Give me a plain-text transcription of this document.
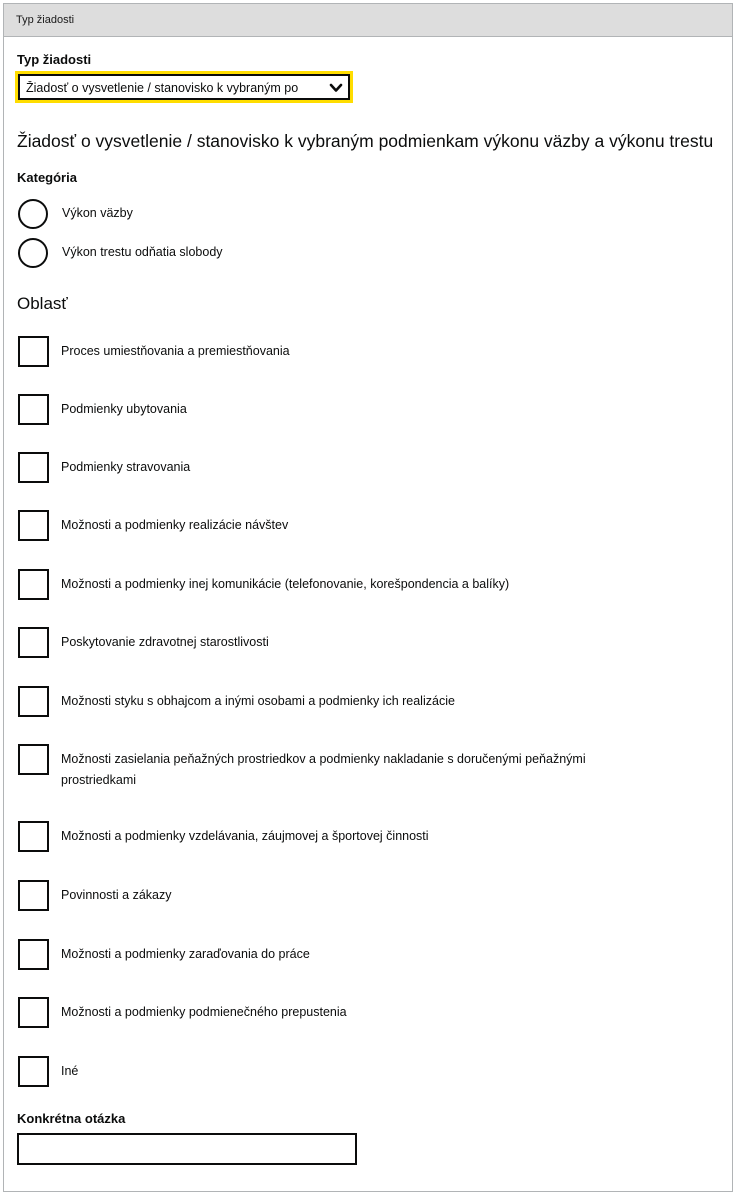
Typ žiadosti
Typ žiadosti
Žiadosť o vysvetlenie / stanovisko k vybraným po
Žiadosť o vysvetlenie / stanovisko k vybraným podmienkam výkonu väzby a výkonu trestu
Kategória
Výkon väzby
Výkon trestu odňatia slobody
Oblasť
Proces umiestňovania a premiestňovania
Podmienky ubytovania
Podmienky stravovania
Možnosti a podmienky realizácie návštev
Možnosti a podmienky inej komunikácie (telefonovanie, korešpondencia a balíky)
Poskytovanie zdravotnej starostlivosti
Možnosti styku s obhajcom a inými osobami a podmienky ich realizácie
Možnosti zasielania peňažných prostriedkov a podmienky nakladanie s doručenými peňažnými prostriedkami
Možnosti a podmienky vzdelávania, záujmovej a športovej činnosti
Povinnosti a zákazy
Možnosti a podmienky zaraďovania do práce
Možnosti a podmienky podmienečného prepustenia
Iné
Konkrétna otázka
